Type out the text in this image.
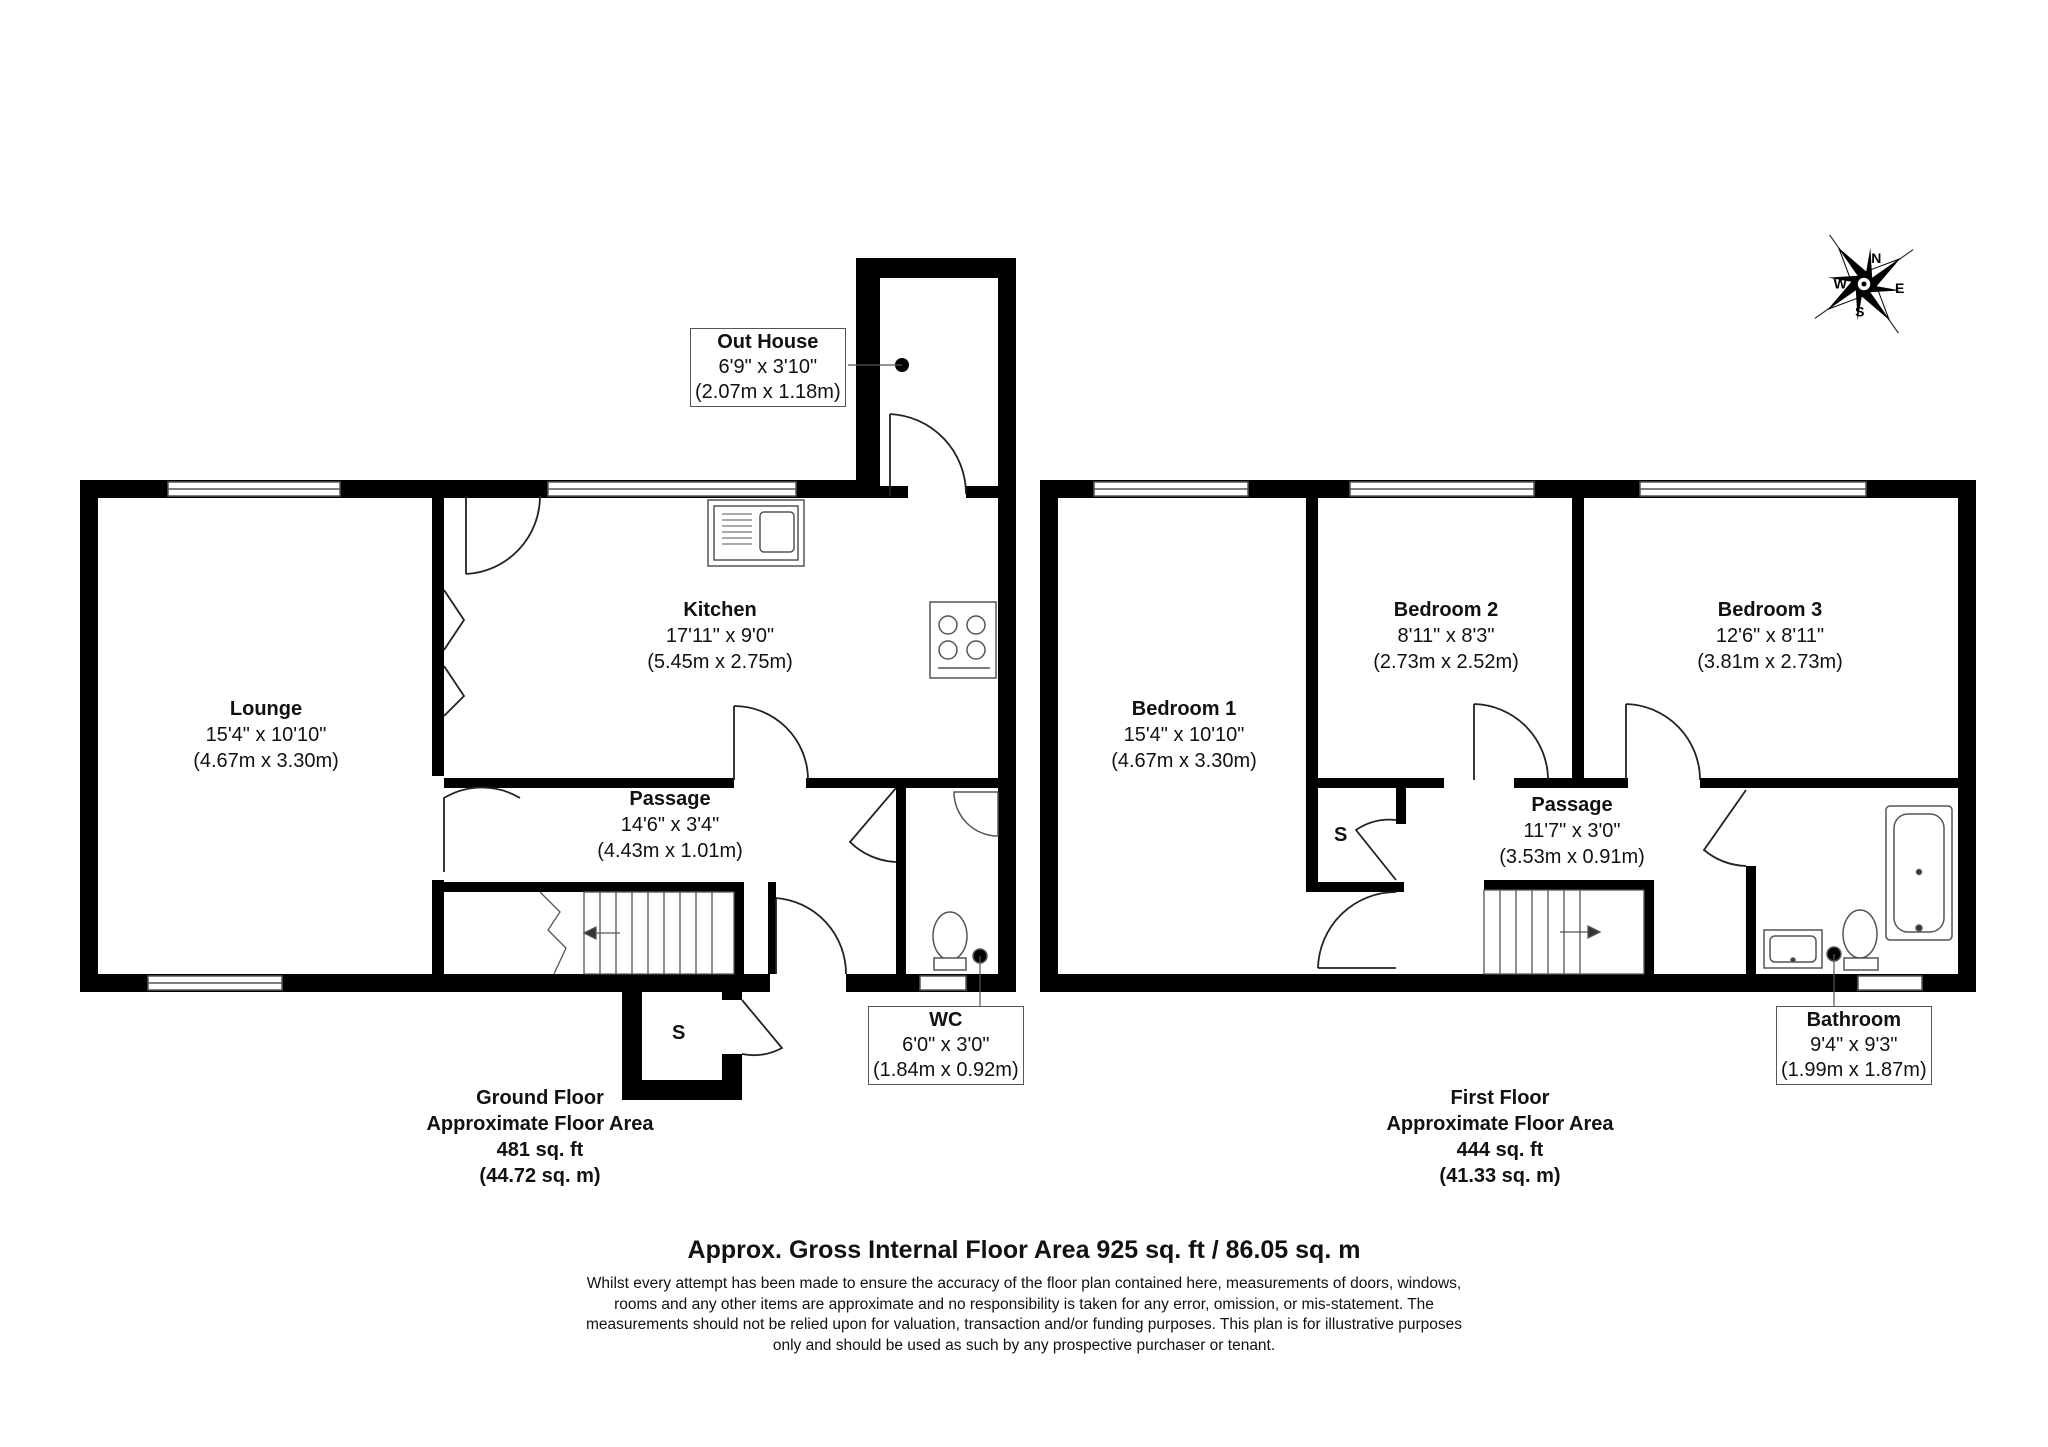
N
E
S
W
Out House
6'9" x 3'10"
(2.07m x 1.18m)
Kitchen
17'11" x 9'0"
(5.45m x 2.75m)
Lounge
15'4" x 10'10"
(4.67m x 3.30m)
Passage
14'6" x 3'4"
(4.43m x 1.01m)
WC
6'0" x 3'0"
(1.84m x 0.92m)
S
Bedroom 1
15'4" x 10'10"
(4.67m x 3.30m)
Bedroom 2
8'11" x 8'3"
(2.73m x 2.52m)
Bedroom 3
12'6" x 8'11"
(3.81m x 2.73m)
Passage
11'7" x 3'0"
(3.53m x 0.91m)
Bathroom
9'4" x 9'3"
(1.99m x 1.87m)
S
Ground Floor
Approximate Floor Area
481 sq. ft
(44.72 sq. m)
First Floor
Approximate Floor Area
444 sq. ft
(41.33 sq. m)
Approx. Gross Internal Floor Area 925 sq. ft / 86.05 sq. m
Whilst every attempt has been made to ensure the accuracy of the floor plan contained here, measurements of doors, windows,
rooms and any other items are approximate and no responsibility is taken for any error, omission, or mis-statement. The
measurements should not be relied upon for valuation, transaction and/or funding purposes. This plan is for illustrative purposes
only and should be used as such by any prospective purchaser or tenant.
